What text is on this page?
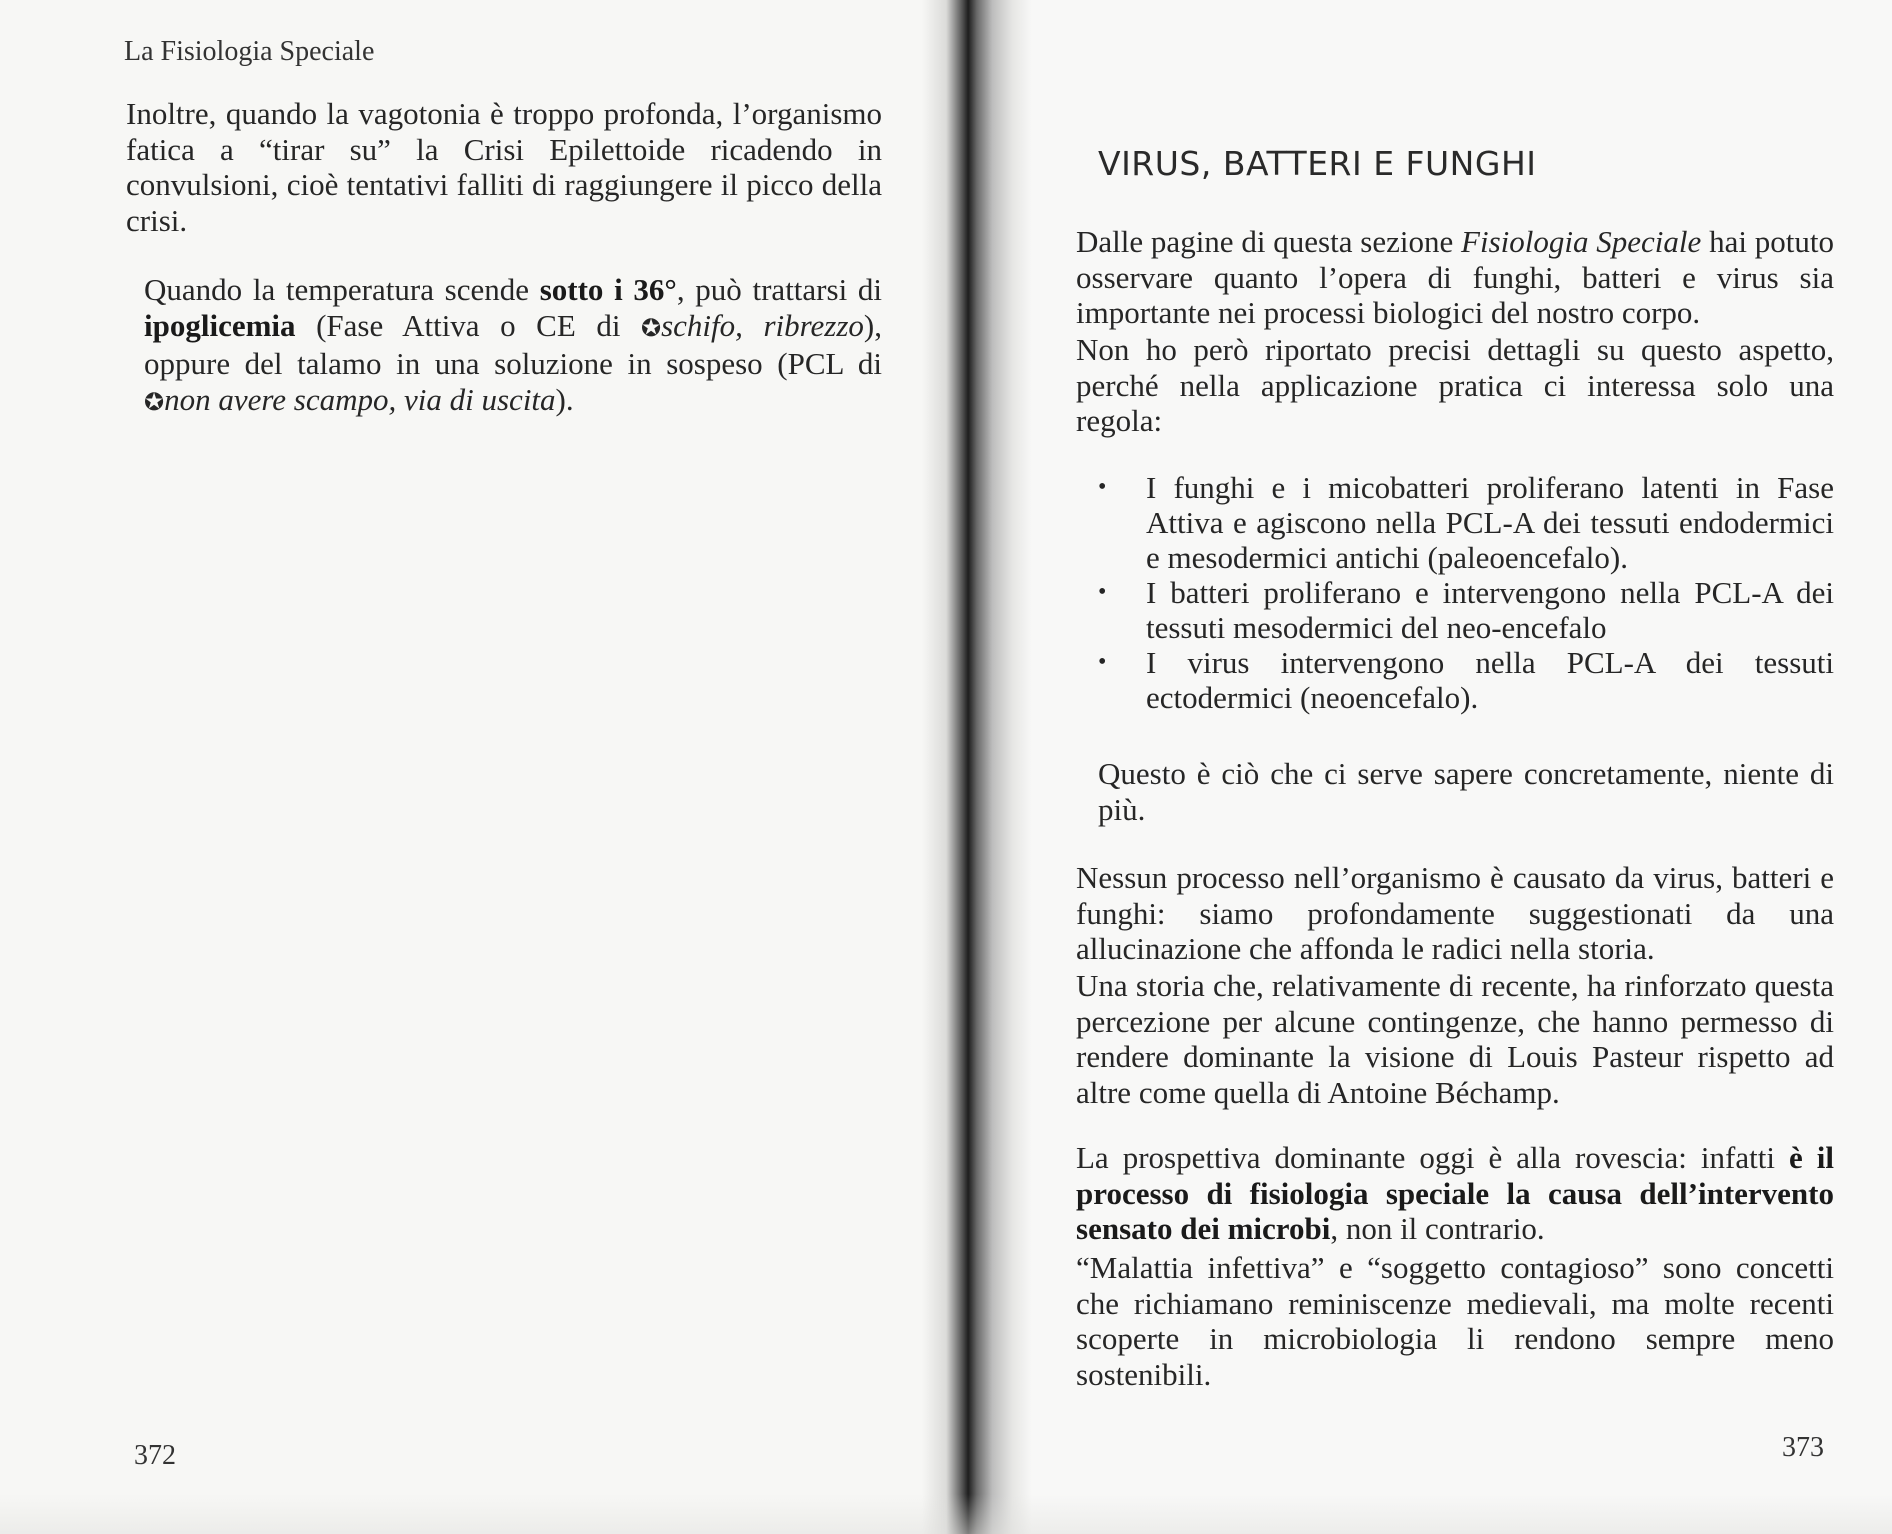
La Fisiologia Speciale

Inoltre, quando la vagotonia è troppo profonda, l’organismo fatica a “tirar su” la Crisi Epilettoide ricadendo in convulsioni, cioè tentativi falliti di raggiungere il picco della crisi.

Quando la temperatura scende sotto i 36°, può trattarsi di ipoglicemia (Fase Attiva o CE di ✪schifo, ribrezzo), oppure del talamo in una soluzione in sospeso (PCL di ✪non avere scampo, via di uscita).

372
VIRUS, BATTERI E FUNGHI

Dalle pagine di questa sezione Fisiologia Speciale hai potuto osservare quanto l’opera di funghi, batteri e virus sia importante nei processi biologici del nostro corpo.

Non ho però riportato precisi dettagli su questo aspetto, perché nella applicazione pratica ci interessa solo una regola:

•	I funghi e i micobatteri proliferano latenti in Fase Attiva e agiscono nella PCL-A dei tessuti endodermici e mesodermici antichi (paleoencefalo).
•	I batteri proliferano e intervengono nella PCL-A dei tessuti mesodermici del neo-encefalo
•	I virus intervengono nella PCL-A dei tessuti ectodermici (neoencefalo).

Questo è ciò che ci serve sapere concretamente, niente di più.

Nessun processo nell’organismo è causato da virus, batteri e funghi: siamo profondamente suggestionati da una allucinazione che affonda le radici nella storia.

Una storia che, relativamente di recente, ha rinforzato questa percezione per alcune contingenze, che hanno permesso di rendere dominante la visione di Louis Pasteur rispetto ad altre come quella di Antoine Béchamp.

La prospettiva dominante oggi è alla rovescia: infatti è il processo di fisiologia speciale la causa dell’intervento sensato dei microbi, non il contrario.

“Malattia infettiva” e “soggetto contagioso” sono concetti che richiamano reminiscenze medievali, ma molte recenti scoperte in microbiologia li rendono sempre meno sostenibili.

373
